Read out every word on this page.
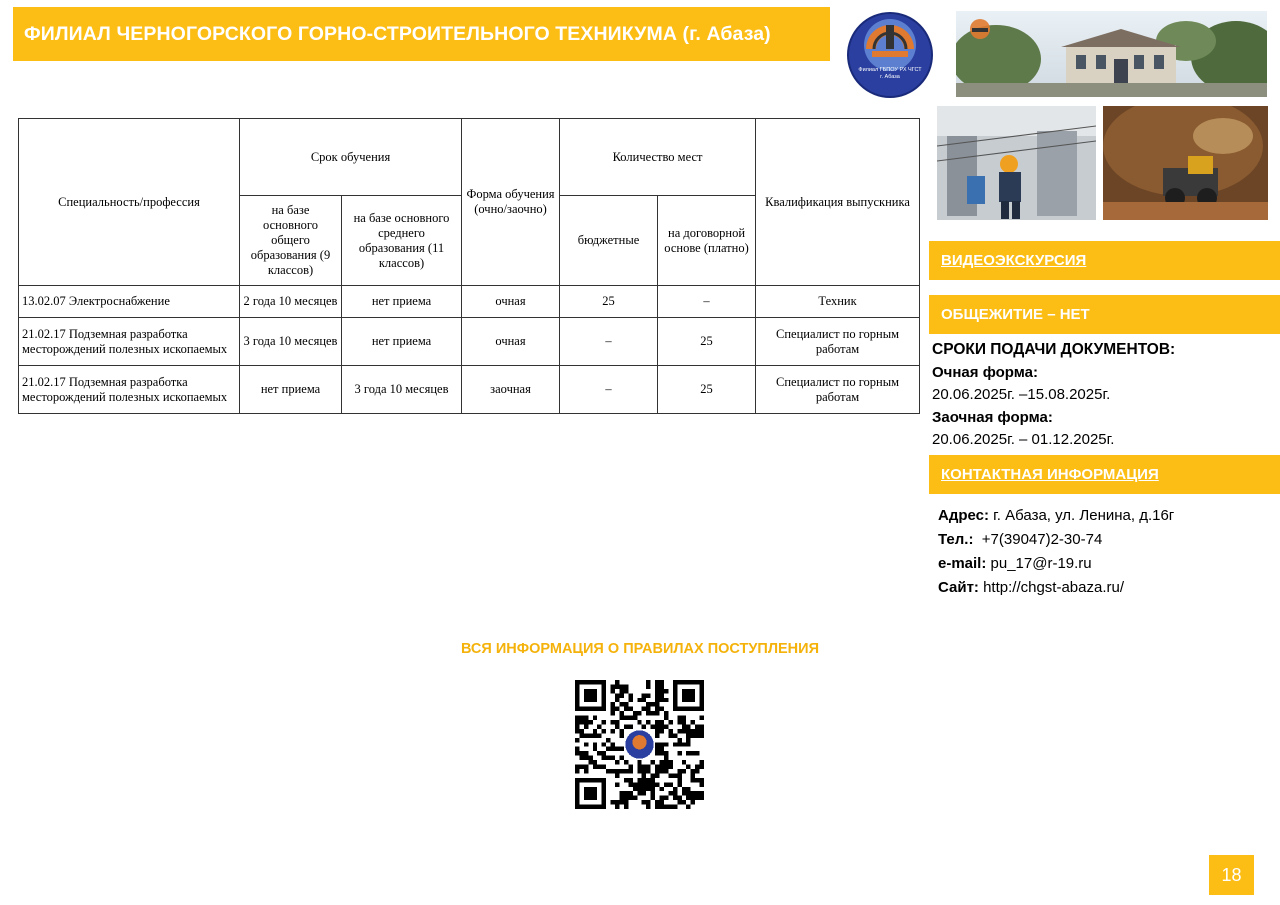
ФИЛИАЛ ЧЕРНОГОРСКОГО ГОРНО-СТРОИТЕЛЬНОГО ТЕХНИКУМА (г. Абаза)
Филиал ГБПОУ РХ ЧГСТ
г. Абаза
Специальность/профессия	Срок обучения		Форма обучения (очно/заочно)	Количество мест		Квалификация выпускника
	на базе основного общего образования (9 классов)	на базе основного среднего образования (11 классов)		бюджетные	на договорной основе (платно)	
13.02.07 Электроснабжение	2 года 10 месяцев	нет приема	очная	25	–	Техник
21.02.17 Подземная разработка месторождений полезных ископаемых	3 года 10 месяцев	нет приема	очная	–	25	Специалист по горным работам
21.02.17 Подземная разработка месторождений полезных ископаемых	нет приема	3 года 10 месяцев	заочная	–	25	Специалист по горным работам
ВИДЕОЭКСКУРСИЯ
ОБЩЕЖИТИЕ – НЕТ
СРОКИ ПОДАЧИ ДОКУМЕНТОВ:
Очная форма:
20.06.2025г. –15.08.2025г.
Заочная форма:
20.06.2025г. – 01.12.2025г.
КОНТАКТНАЯ ИНФОРМАЦИЯ
Адрес: г. Абаза, ул. Ленина, д.16г
Тел.:  +7(39047)2-30-74
e-mail: pu_17@r-19.ru
Сайт: http://chgst-abaza.ru/
ВСЯ ИНФОРМАЦИЯ О ПРАВИЛАХ ПОСТУПЛЕНИЯ
18
